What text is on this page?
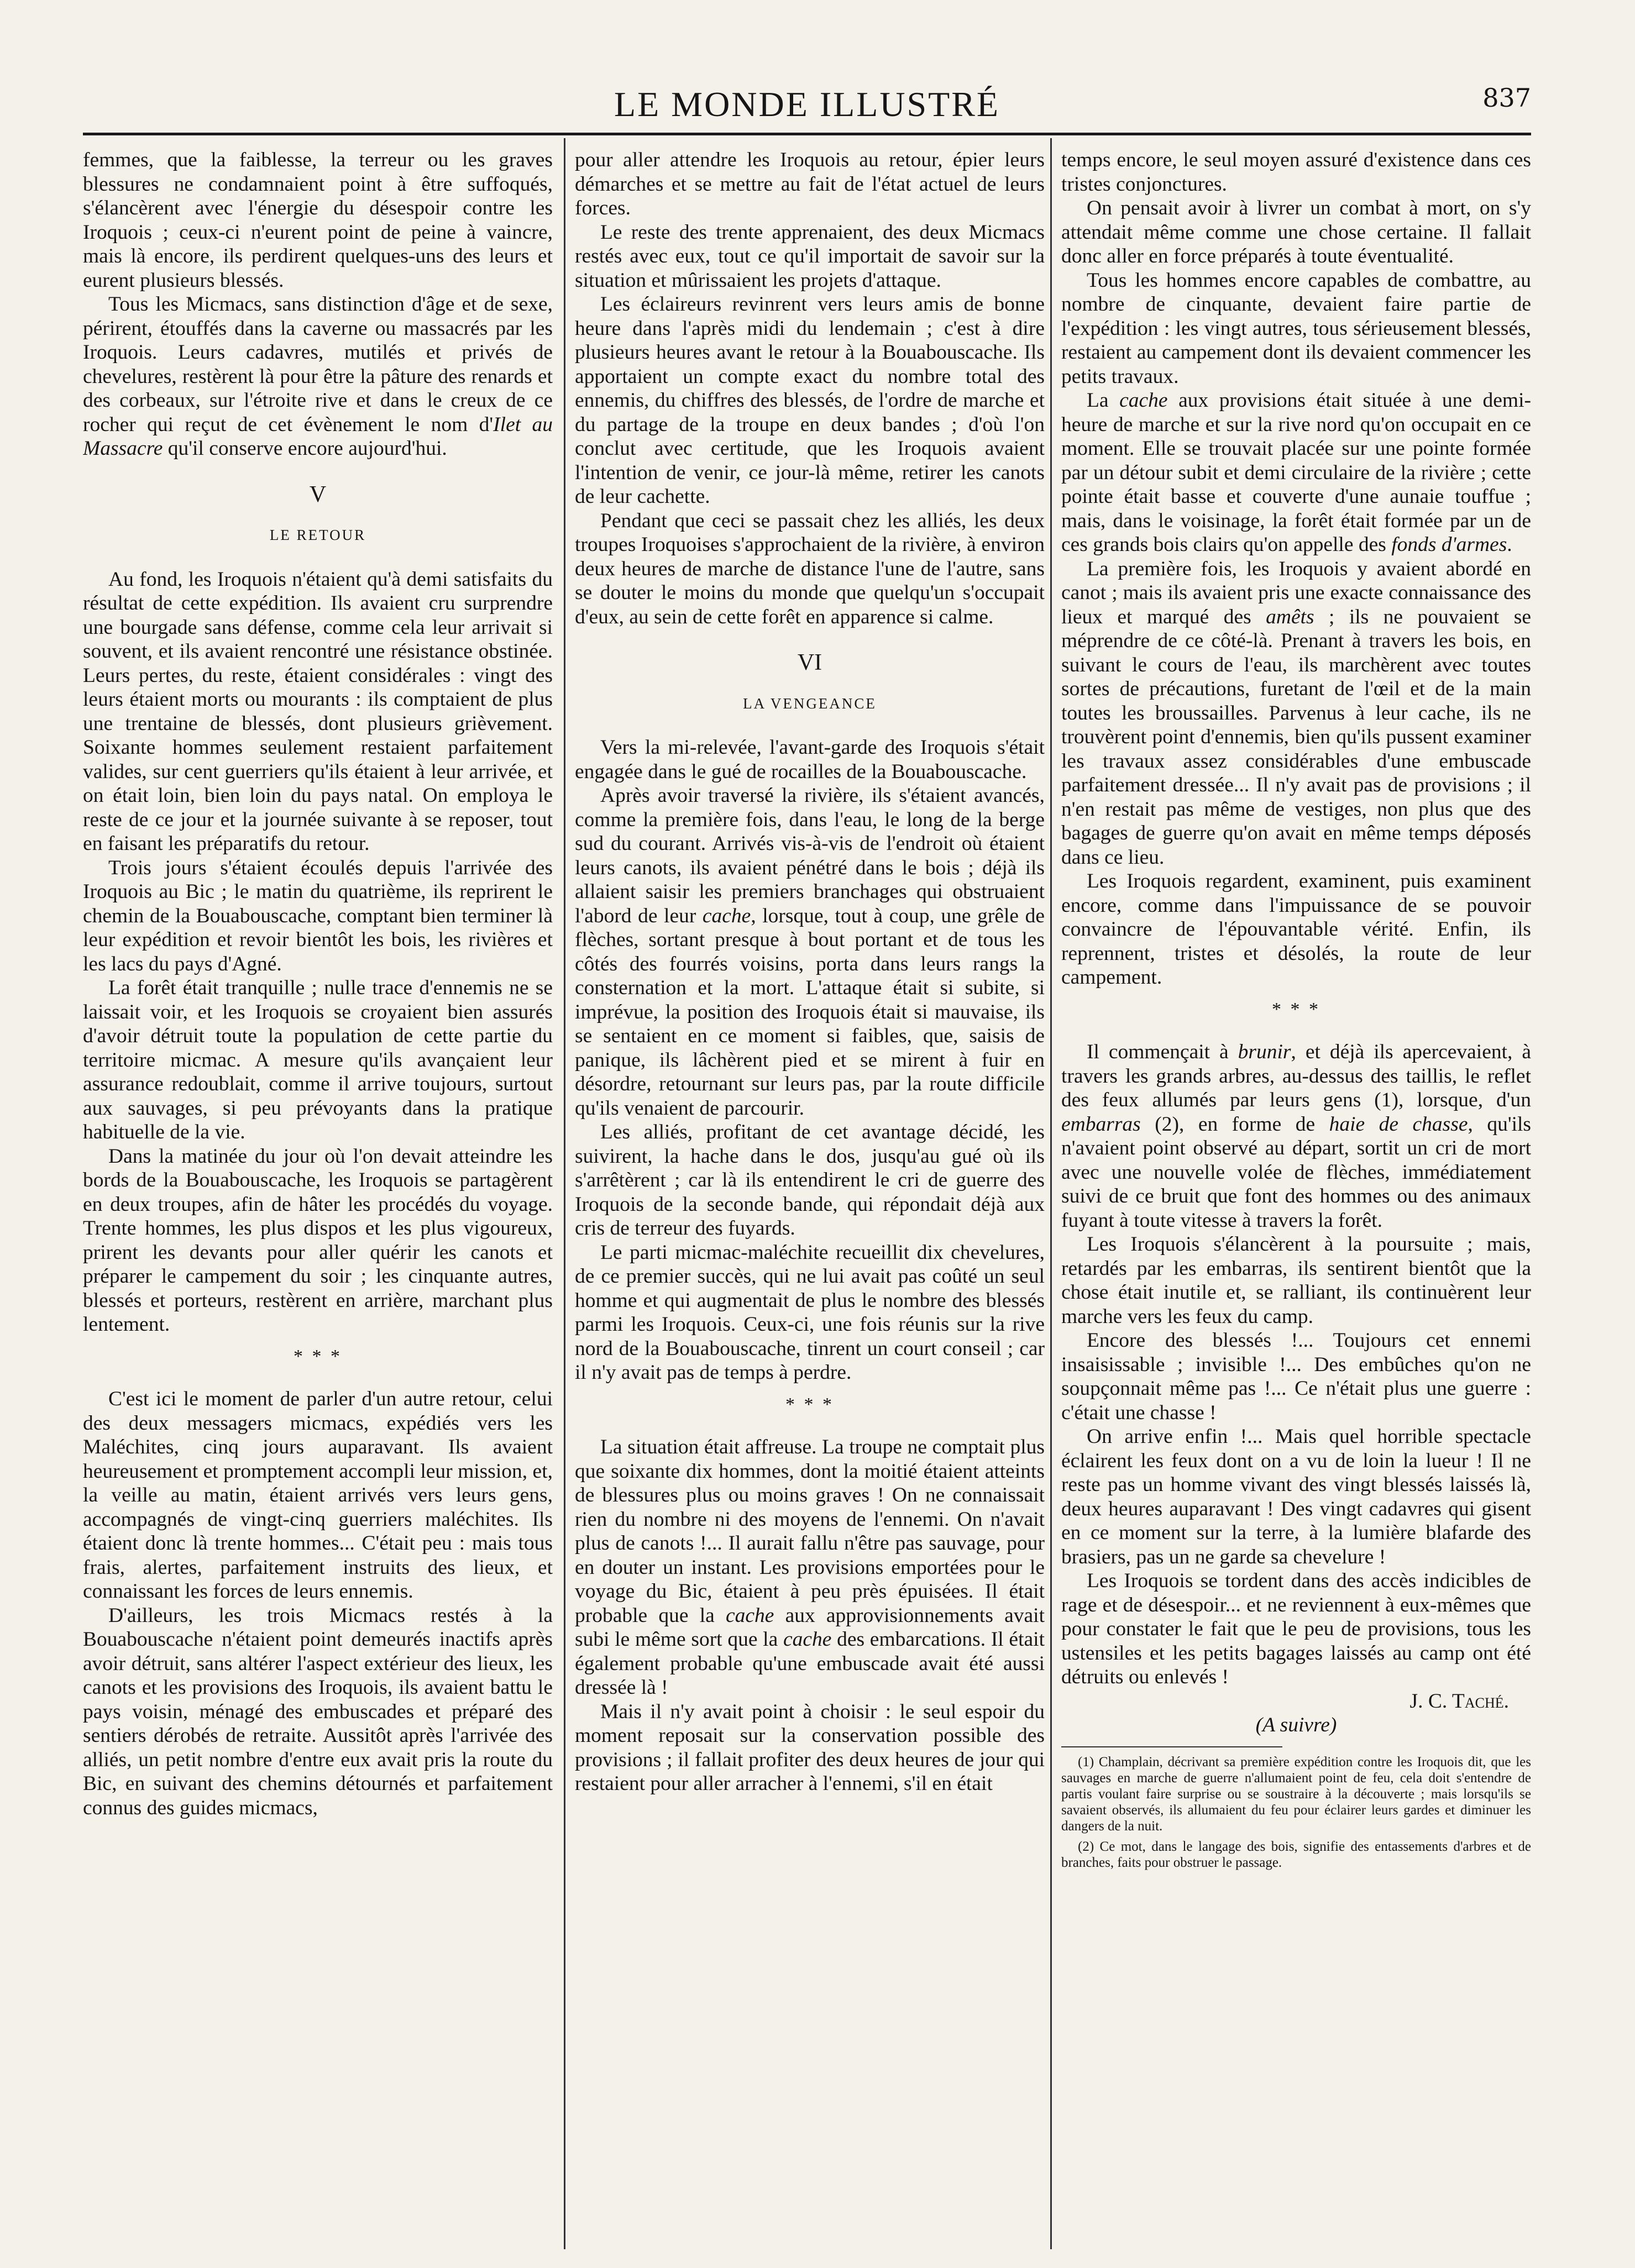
LE MONDE ILLUSTRÉ	837

femmes, que la faiblesse, la terreur ou les graves blessures ne condamnaient point à être suffoqués, s'élancèrent avec l'énergie du désespoir contre les Iroquois ; ceux-ci n'eurent point de peine à vaincre, mais là encore, ils perdirent quelques-uns des leurs et eurent plusieurs blessés.

Tous les Micmacs, sans distinction d'âge et de sexe, périrent, étouffés dans la caverne ou massacrés par les Iroquois. Leurs cadavres, mutilés et privés de chevelures, restèrent là pour être la pâture des renards et des corbeaux, sur l'étroite rive et dans le creux de ce rocher qui reçut de cet évènement le nom d'Ilet au Massacre qu'il conserve encore aujourd'hui.

V
LE RETOUR

Au fond, les Iroquois n'étaient qu'à demi satisfaits du résultat de cette expédition. Ils avaient cru surprendre une bourgade sans défense, comme cela leur arrivait si souvent, et ils avaient rencontré une résistance obstinée. Leurs pertes, du reste, étaient considérales : vingt des leurs étaient morts ou mourants : ils comptaient de plus une trentaine de blessés, dont plusieurs grièvement. Soixante hommes seulement restaient parfaitement valides, sur cent guerriers qu'ils étaient à leur arrivée, et on était loin, bien loin du pays natal. On employa le reste de ce jour et la journée suivante à se reposer, tout en faisant les préparatifs du retour.

Trois jours s'étaient écoulés depuis l'arrivée des Iroquois au Bic ; le matin du quatrième, ils reprirent le chemin de la Bouabouscache, comptant bien terminer là leur expédition et revoir bientôt les bois, les rivières et les lacs du pays d'Agné.

La forêt était tranquille ; nulle trace d'ennemis ne se laissait voir, et les Iroquois se croyaient bien assurés d'avoir détruit toute la population de cette partie du territoire micmac. A mesure qu'ils avançaient leur assurance redoublait, comme il arrive toujours, surtout aux sauvages, si peu prévoyants dans la pratique habituelle de la vie.

Dans la matinée du jour où l'on devait atteindre les bords de la Bouabouscache, les Iroquois se partagèrent en deux troupes, afin de hâter les procédés du voyage. Trente hommes, les plus dispos et les plus vigoureux, prirent les devants pour aller quérir les canots et préparer le campement du soir ; les cinquante autres, blessés et porteurs, restèrent en arrière, marchant plus lentement.

* * *

C'est ici le moment de parler d'un autre retour, celui des deux messagers micmacs, expédiés vers les Maléchites, cinq jours auparavant. Ils avaient heureusement et promptement accompli leur mission, et, la veille au matin, étaient arrivés vers leurs gens, accompagnés de vingt-cinq guerriers maléchites. Ils étaient donc là trente hommes... C'était peu : mais tous frais, alertes, parfaitement instruits des lieux, et connaissant les forces de leurs ennemis.

D'ailleurs, les trois Micmacs restés à la Bouabouscache n'étaient point demeurés inactifs après avoir détruit, sans altérer l'aspect extérieur des lieux, les canots et les provisions des Iroquois, ils avaient battu le pays voisin, ménagé des embuscades et préparé des sentiers dérobés de retraite. Aussitôt après l'arrivée des alliés, un petit nombre d'entre eux avait pris la route du Bic, en suivant des chemins détournés et parfaitement connus des guides micmacs,

pour aller attendre les Iroquois au retour, épier leurs démarches et se mettre au fait de l'état actuel de leurs forces.

Le reste des trente apprenaient, des deux Micmacs restés avec eux, tout ce qu'il importait de savoir sur la situation et mûrissaient les projets d'attaque.

Les éclaireurs revinrent vers leurs amis de bonne heure dans l'après midi du lendemain ; c'est à dire plusieurs heures avant le retour à la Bouabouscache. Ils apportaient un compte exact du nombre total des ennemis, du chiffres des blessés, de l'ordre de marche et du partage de la troupe en deux bandes ; d'où l'on conclut avec certitude, que les Iroquois avaient l'intention de venir, ce jour-là même, retirer les canots de leur cachette.

Pendant que ceci se passait chez les alliés, les deux troupes Iroquoises s'approchaient de la rivière, à environ deux heures de marche de distance l'une de l'autre, sans se douter le moins du monde que quelqu'un s'occupait d'eux, au sein de cette forêt en apparence si calme.

VI
LA VENGEANCE

Vers la mi-relevée, l'avant-garde des Iroquois s'était engagée dans le gué de rocailles de la Bouabouscache.

Après avoir traversé la rivière, ils s'étaient avancés, comme la première fois, dans l'eau, le long de la berge sud du courant. Arrivés vis-à-vis de l'endroit où étaient leurs canots, ils avaient pénétré dans le bois ; déjà ils allaient saisir les premiers branchages qui obstruaient l'abord de leur cache, lorsque, tout à coup, une grêle de flèches, sortant presque à bout portant et de tous les côtés des fourrés voisins, porta dans leurs rangs la consternation et la mort. L'attaque était si subite, si imprévue, la position des Iroquois était si mauvaise, ils se sentaient en ce moment si faibles, que, saisis de panique, ils lâchèrent pied et se mirent à fuir en désordre, retournant sur leurs pas, par la route difficile qu'ils venaient de parcourir.

Les alliés, profitant de cet avantage décidé, les suivirent, la hache dans le dos, jusqu'au gué où ils s'arrêtèrent ; car là ils entendirent le cri de guerre des Iroquois de la seconde bande, qui répondait déjà aux cris de terreur des fuyards.

Le parti micmac-maléchite recueillit dix chevelures, de ce premier succès, qui ne lui avait pas coûté un seul homme et qui augmentait de plus le nombre des blessés parmi les Iroquois. Ceux-ci, une fois réunis sur la rive nord de la Bouabouscache, tinrent un court conseil ; car il n'y avait pas de temps à perdre.

* * *

La situation était affreuse. La troupe ne comptait plus que soixante dix hommes, dont la moitié étaient atteints de blessures plus ou moins graves ! On ne connaissait rien du nombre ni des moyens de l'ennemi. On n'avait plus de canots !... Il aurait fallu n'être pas sauvage, pour en douter un instant. Les provisions emportées pour le voyage du Bic, étaient à peu près épuisées. Il était probable que la cache aux approvisionnements avait subi le même sort que la cache des embarcations. Il était également probable qu'une embuscade avait été aussi dressée là !

Mais il n'y avait point à choisir : le seul espoir du moment reposait sur la conservation possible des provisions ; il fallait profiter des deux heures de jour qui restaient pour aller arracher à l'ennemi, s'il en était

temps encore, le seul moyen assuré d'existence dans ces tristes conjonctures.

On pensait avoir à livrer un combat à mort, on s'y attendait même comme une chose certaine. Il fallait donc aller en force préparés à toute éventualité.

Tous les hommes encore capables de combattre, au nombre de cinquante, devaient faire partie de l'expédition : les vingt autres, tous sérieusement blessés, restaient au campement dont ils devaient commencer les petits travaux.

La cache aux provisions était située à une demi-heure de marche et sur la rive nord qu'on occupait en ce moment. Elle se trouvait placée sur une pointe formée par un détour subit et demi circulaire de la rivière ; cette pointe était basse et couverte d'une aunaie touffue ; mais, dans le voisinage, la forêt était formée par un de ces grands bois clairs qu'on appelle des fonds d'armes.

La première fois, les Iroquois y avaient abordé en canot ; mais ils avaient pris une exacte connaissance des lieux et marqué des amêts ; ils ne pouvaient se méprendre de ce côté-là. Prenant à travers les bois, en suivant le cours de l'eau, ils marchèrent avec toutes sortes de précautions, furetant de l'œil et de la main toutes les broussailles. Parvenus à leur cache, ils ne trouvèrent point d'ennemis, bien qu'ils pussent examiner les travaux assez considérables d'une embuscade parfaitement dressée... Il n'y avait pas de provisions ; il n'en restait pas même de vestiges, non plus que des bagages de guerre qu'on avait en même temps déposés dans ce lieu.

Les Iroquois regardent, examinent, puis examinent encore, comme dans l'impuissance de se pouvoir convaincre de l'épouvantable vérité. Enfin, ils reprennent, tristes et désolés, la route de leur campement.

* * *

Il commençait à brunir, et déjà ils apercevaient, à travers les grands arbres, au-dessus des taillis, le reflet des feux allumés par leurs gens (1), lorsque, d'un embarras (2), en forme de haie de chasse, qu'ils n'avaient point observé au départ, sortit un cri de mort avec une nouvelle volée de flèches, immédiatement suivi de ce bruit que font des hommes ou des animaux fuyant à toute vitesse à travers la forêt.

Les Iroquois s'élancèrent à la poursuite ; mais, retardés par les embarras, ils sentirent bientôt que la chose était inutile et, se ralliant, ils continuèrent leur marche vers les feux du camp.

Encore des blessés !... Toujours cet ennemi insaisissable ; invisible !... Des embûches qu'on ne soupçonnait même pas !... Ce n'était plus une guerre : c'était une chasse !

On arrive enfin !... Mais quel horrible spectacle éclairent les feux dont on a vu de loin la lueur ! Il ne reste pas un homme vivant des vingt blessés laissés là, deux heures auparavant ! Des vingt cadavres qui gisent en ce moment sur la terre, à la lumière blafarde des brasiers, pas un ne garde sa chevelure !

Les Iroquois se tordent dans des accès indicibles de rage et de désespoir... et ne reviennent à eux-mêmes que pour constater le fait que le peu de provisions, tous les ustensiles et les petits bagages laissés au camp ont été détruits ou enlevés !

J. C. Taché.

(A suivre)

(1) Champlain, décrivant sa première expédition contre les Iroquois dit, que les sauvages en marche de guerre n'allumaient point de feu, cela doit s'entendre de partis voulant faire surprise ou se soustraire à la découverte ; mais lorsqu'ils se savaient observés, ils allumaient du feu pour éclairer leurs gardes et diminuer les dangers de la nuit.

(2) Ce mot, dans le langage des bois, signifie des entassements d'arbres et de branches, faits pour obstruer le passage.
